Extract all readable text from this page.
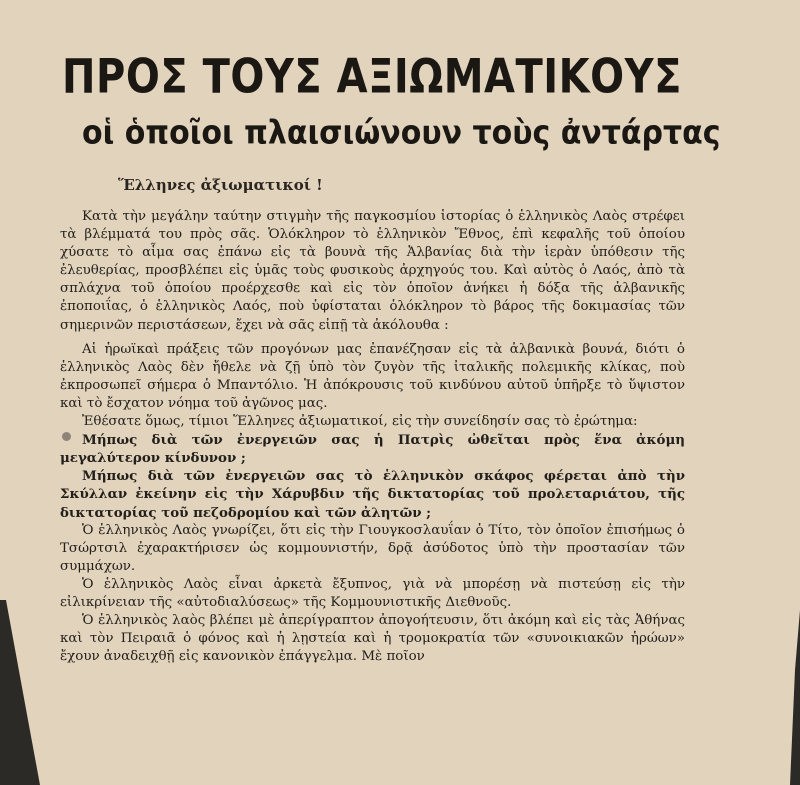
ΠΡΟΣ ΤΟΥΣ ΑΞΙΩΜΑΤΙΚΟΥΣ
οἱ ὁποῖοι πλαισιώνουν τοὺς ἀντάρτας
Ἕλληνες ἀξιωματικοί !

Κατὰ τὴν μεγάλην ταύτην στιγμὴν τῆς παγκοσμίου ἱστορίας ὁ ἑλληνικὸς Λαὸς στρέφει τὰ βλέμματά του πρὸς σᾶς. Ὁλόκληρον τὸ ἑλληνικὸν Ἔθνος, ἐπὶ κεφαλῆς τοῦ ὁποίου χύσατε τὸ αἷμα σας ἐπάνω εἰς τὰ βουνὰ τῆς Ἀλβανίας διὰ τὴν ἱερὰν ὑπόθεσιν τῆς ἐλευθερίας, προσβλέπει εἰς ὑμᾶς τοὺς φυσικοὺς ἀρχηγούς του. Καὶ αὐτὸς ὁ Λαός, ἀπὸ τὰ σπλάχνα τοῦ ὁποίου προέρχεσθε καὶ εἰς τὸν ὁποῖον ἀνήκει ἡ δόξα τῆς ἀλβανικῆς ἐποποιΐας, ὁ ἑλληνικὸς Λαός, ποὺ ὑφίσταται ὁλόκληρον τὸ βάρος τῆς δοκιμασίας τῶν σημερινῶν περιστάσεων, ἔχει νὰ σᾶς εἰπῇ τὰ ἀκόλουθα :

Αἱ ἡρωϊκαὶ πράξεις τῶν προγόνων μας ἐπανέζησαν εἰς τὰ ἀλβανικὰ βουνά, διότι ὁ ἑλληνικὸς Λαὸς δὲν ἤθελε νὰ ζῇ ὑπὸ τὸν ζυγὸν τῆς ἰταλικῆς πολεμικῆς κλίκας, ποὺ ἐκπροσωπεῖ σήμερα ὁ Μπαντόλιο. Ἡ ἀπόκρουσις τοῦ κινδύνου αὐτοῦ ὑπῆρξε τὸ ὕψιστον καὶ τὸ ἔσχατον νόημα τοῦ ἀγῶνος μας.

Ἐθέσατε ὅμως, τίμιοι Ἕλληνες ἀξιωματικοί, εἰς τὴν συνείδησίν σας τὸ ἐρώτημα:

Μήπως διὰ τῶν ἐνεργειῶν σας ἡ Πατρὶς ὠθεῖται πρὸς ἕνα ἀκόμη μεγαλύτερον κίνδυνον ;

Μήπως διὰ τῶν ἐνεργειῶν σας τὸ ἑλληνικὸν σκάφος φέρεται ἀπὸ τὴν Σκύλλαν ἐκείνην εἰς τὴν Χάρυβδιν τῆς δικτατορίας τοῦ προλεταριάτου, τῆς δικτατορίας τοῦ πεζοδρομίου καὶ τῶν ἀλητῶν ;

Ὁ ἑλληνικὸς Λαὸς γνωρίζει, ὅτι εἰς τὴν Γιουγκοσλαυΐαν ὁ Τίτο, τὸν ὁποῖον ἐπισήμως ὁ Τσώρτσιλ ἐχαρακτήρισεν ὡς κομμουνιστήν, δρᾷ ἀσύδοτος ὑπὸ τὴν προστασίαν τῶν συμμάχων.

Ὁ ἑλληνικὸς Λαὸς εἶναι ἀρκετὰ ἔξυπνος, γιὰ νὰ μπορέσῃ νὰ πιστεύσῃ εἰς τὴν εἰλικρίνειαν τῆς «αὐτοδιαλύσεως» τῆς Κομμουνιστικῆς Διεθνοῦς.

Ὁ ἑλληνικὸς λαὸς βλέπει μὲ ἀπερίγραπτον ἀπογοήτευσιν, ὅτι ἀκόμη καὶ εἰς τὰς Ἀθήνας καὶ τὸν Πειραιᾶ ὁ φόνος καὶ ἡ λῃστεία καὶ ἡ τρομοκρατία τῶν «συνοικιακῶν ἡρώων» ἔχουν ἀναδειχθῇ εἰς κανονικὸν ἐπάγγελμα. Μὲ ποῖον
